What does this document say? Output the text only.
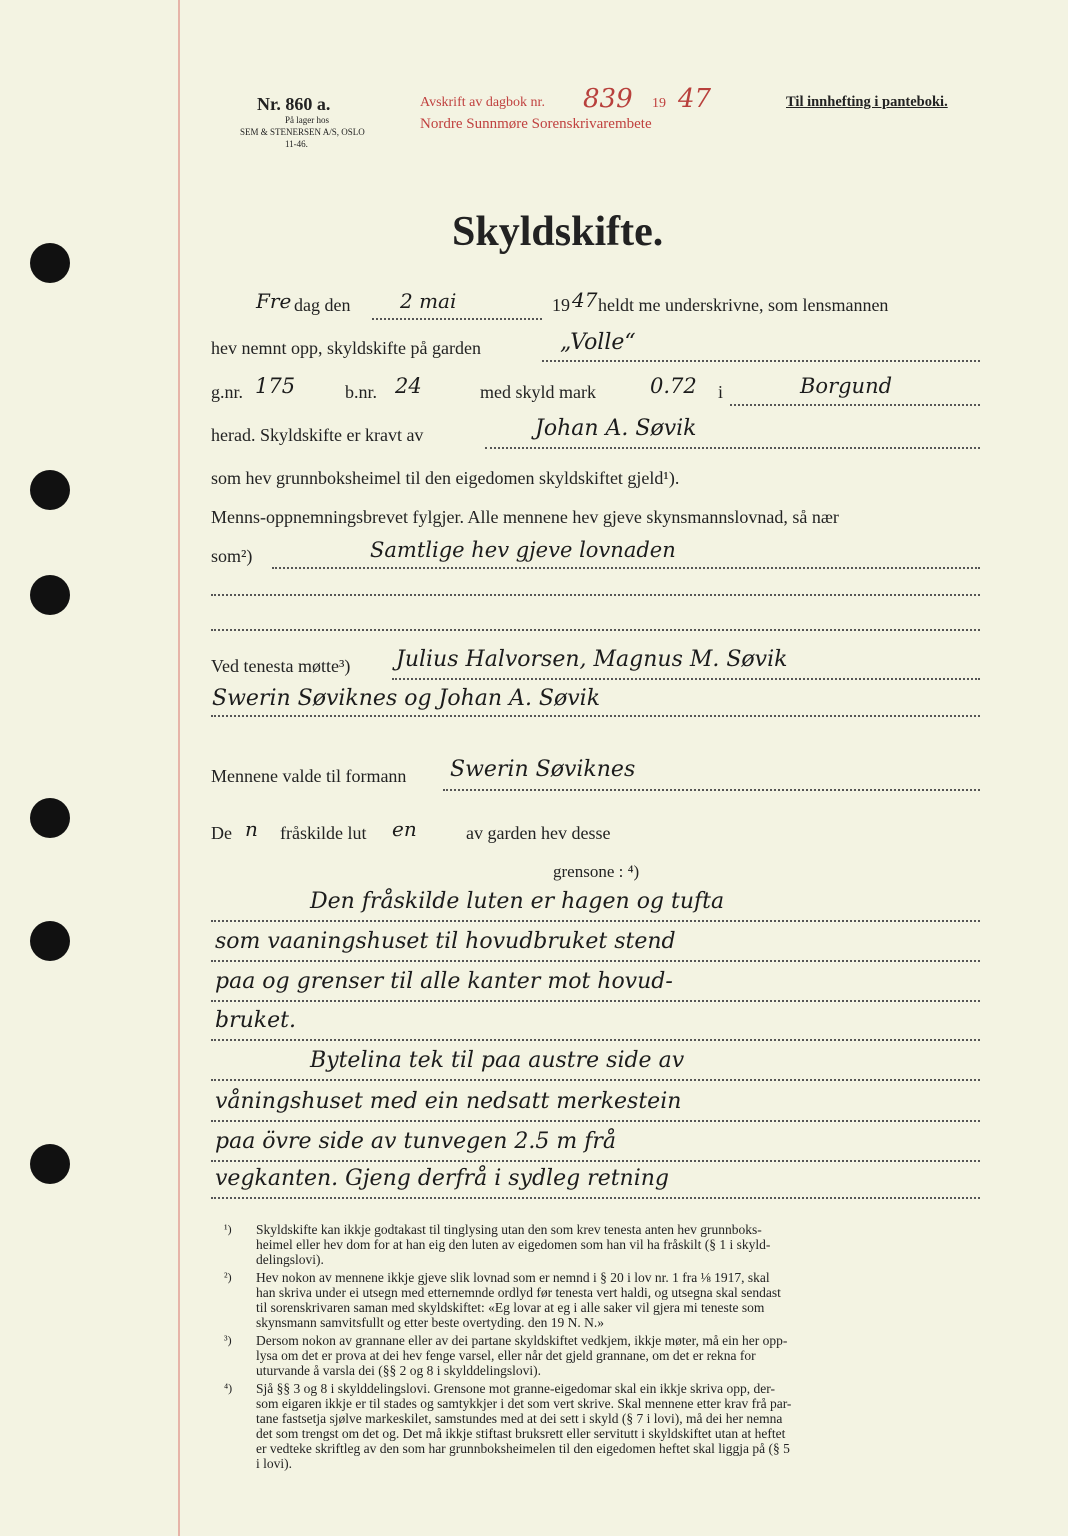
Nr. 860 a.
På lager hos
SEM & STENERSEN A/S, OSLO
11-46.
Avskrift av dagbok nr. 839 19 47
Nordre Sunnmøre Sorenskrivarembete
Til innhefting i panteboki.
Skyldskifte.
Fre dag den 2 mai	19 47 heldt me underskrivne, som lensmannen
hev nemnt opp, skyldskifte på garden	„Volle“
g.nr. 175	b.nr. 24	med skyld mark	0.72 i	Borgund
herad. Skyldskifte er kravt av	Johan A. Søvik
som hev grunnboksheimel til den eigedomen skyldskiftet gjeld¹).
Menns-oppnemningsbrevet fylgjer. Alle mennene hev gjeve skynsmannslovnad, så nær
som²)	Samtlige hev gjeve lovnaden
Ved tenesta møtte³) Julius Halvorsen, Magnus M. Søvik
Swerin Søviknes og Johan A. Søvik
Mennene valde til formann Swerin Søviknes
De n fråskilde lut en	av garden hev desse
grensone : ⁴)
Den fråskilde luten er hagen og tufta
som vaaningshuset til hovudbruket stend
paa og grenser til alle kanter mot hovud-
bruket.
Bytelina tek til paa austre side av
våningshuset med ein nedsatt merkestein
paa övre side av tunvegen 2.5 m frå
vegkanten. Gjeng derfrå i sydleg retning
¹) Skyldskifte kan ikkje godtakast til tinglysing utan den som krev tenesta anten hev grunnboks-
heimel eller hev dom for at han eig den luten av eigedomen som han vil ha fråskilt (§ 1 i skyld-
delingslovi).
²) Hev nokon av mennene ikkje gjeve slik lovnad som er nemnd i § 20 i lov nr. 1 fra ⅛ 1917, skal
han skriva under ei utsegn med etternemnde ordlyd før tenesta vert haldi, og utsegna skal sendast
til sorenskrivaren saman med skyldskiftet: «Eg lovar at eg i alle saker vil gjera mi teneste som
skynsmann samvitsfullt og etter beste overtyding. den 19 N. N.»
³) Dersom nokon av grannane eller av dei partane skyldskiftet vedkjem, ikkje møter, må ein her opp-
lysa om det er prova at dei hev fenge varsel, eller når det gjeld grannane, om det er rekna for
uturvande å varsla dei (§§ 2 og 8 i skylddelingslovi).
⁴) Sjå §§ 3 og 8 i skylddelingslovi. Grensone mot granne-eigedomar skal ein ikkje skriva opp, der-
som eigaren ikkje er til stades og samtykkjer i det som vert skrive. Skal mennene etter krav frå par-
tane fastsetja sjølve markeskilet, samstundes med at dei sett i skyld (§ 7 i lovi), må dei her nemna
det som trengst om det og. Det må ikkje stiftast bruksrett eller servitutt i skyldskiftet utan at heftet
er vedteke skriftleg av den som har grunnboksheimelen til den eigedomen heftet skal liggja på (§ 5
i lovi).
